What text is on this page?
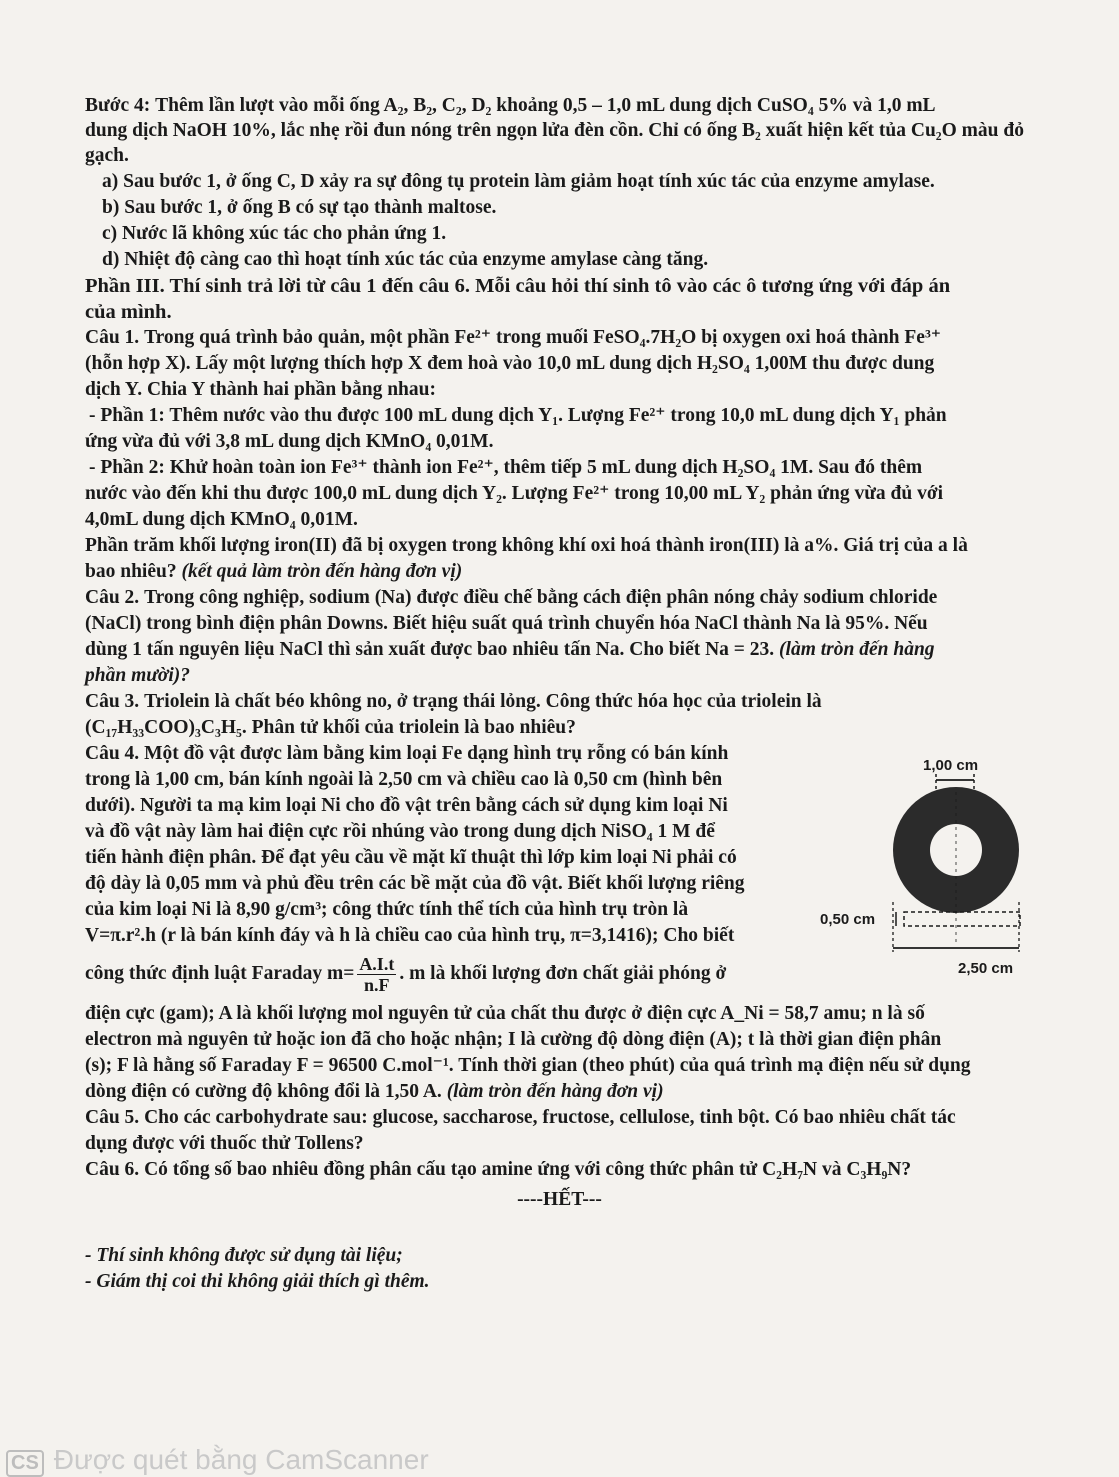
Bước 4: Thêm lần lượt vào mỗi ống A₂, B₂, C₂, D₂ khoảng 0,5 – 1,0 mL dung dịch CuSO₄ 5% và 1,0 mL
dung dịch NaOH 10%, lắc nhẹ rồi đun nóng trên ngọn lửa đèn cồn. Chỉ có ống B₂ xuất hiện kết tủa Cu₂O màu đỏ
gạch.
a) Sau bước 1, ở ống C, D xảy ra sự đông tụ protein làm giảm hoạt tính xúc tác của enzyme amylase.
b) Sau bước 1, ở ống B có sự tạo thành maltose.
c) Nước lã không xúc tác cho phản ứng 1.
d) Nhiệt độ càng cao thì hoạt tính xúc tác của enzyme amylase càng tăng.
Phần III. Thí sinh trả lời từ câu 1 đến câu 6. Mỗi câu hỏi thí sinh tô vào các ô tương ứng với đáp án
của mình.
Câu 1. Trong quá trình bảo quản, một phần Fe²⁺ trong muối FeSO₄.7H₂O bị oxygen oxi hoá thành Fe³⁺
(hỗn hợp X). Lấy một lượng thích hợp X đem hoà vào 10,0 mL dung dịch H₂SO₄ 1,00M thu được dung
dịch Y. Chia Y thành hai phần bằng nhau:
- Phần 1: Thêm nước vào thu được 100 mL dung dịch Y₁. Lượng Fe²⁺ trong 10,0 mL dung dịch Y₁ phản
ứng vừa đủ với 3,8 mL dung dịch KMnO₄ 0,01M.
- Phần 2: Khử hoàn toàn ion Fe³⁺ thành ion Fe²⁺, thêm tiếp 5 mL dung dịch H₂SO₄ 1M. Sau đó thêm
nước vào đến khi thu được 100,0 mL dung dịch Y₂. Lượng Fe²⁺ trong 10,00 mL Y₂ phản ứng vừa đủ với
4,0mL dung dịch KMnO₄ 0,01M.
Phần trăm khối lượng iron(II) đã bị oxygen trong không khí oxi hoá thành iron(III) là a%. Giá trị của a là
bao nhiêu? (kết quả làm tròn đến hàng đơn vị)
Câu 2. Trong công nghiệp, sodium (Na) được điều chế bằng cách điện phân nóng chảy sodium chloride
(NaCl) trong bình điện phân Downs. Biết hiệu suất quá trình chuyển hóa NaCl thành Na là 95%. Nếu
dùng 1 tấn nguyên liệu NaCl thì sản xuất được bao nhiêu tấn Na. Cho biết Na = 23. (làm tròn đến hàng
phần mười)?
Câu 3. Triolein là chất béo không no, ở trạng thái lỏng. Công thức hóa học của triolein là
(C₁₇H₃₃COO)₃C₃H₅. Phân tử khối của triolein là bao nhiêu?
Câu 4. Một đồ vật được làm bằng kim loại Fe dạng hình trụ rỗng có bán kính
trong là 1,00 cm, bán kính ngoài là 2,50 cm và chiều cao là 0,50 cm (hình bên
dưới). Người ta mạ kim loại Ni cho đồ vật trên bằng cách sử dụng kim loại Ni
và đồ vật này làm hai điện cực rồi nhúng vào trong dung dịch NiSO₄ 1 M để
tiến hành điện phân. Để đạt yêu cầu về mặt kĩ thuật thì lớp kim loại Ni phải có
độ dày là 0,05 mm và phủ đều trên các bề mặt của đồ vật. Biết khối lượng riêng
của kim loại Ni là 8,90 g/cm³; công thức tính thể tích của hình trụ tròn là
V=π.r².h (r là bán kính đáy và h là chiều cao của hình trụ, π=3,1416); Cho biết
công thức định luật Faraday $m= \frac{A.I.t}{n.F}$ . m là khối lượng đơn chất giải phóng ở
điện cực (gam); A là khối lượng mol nguyên tử của chất thu được ở điện cực A_Ni = 58,7 amu; n là số
electron mà nguyên tử hoặc ion đã cho hoặc nhận; I là cường độ dòng điện (A); t là thời gian điện phân
(s); F là hằng số Faraday F = 96500 C.mol⁻¹. Tính thời gian (theo phút) của quá trình mạ điện nếu sử dụng
dòng điện có cường độ không đổi là 1,50 A. (làm tròn đến hàng đơn vị)
1,00 cm
0,50 cm
2,50 cm
Câu 5. Cho các carbohydrate sau: glucose, saccharose, fructose, cellulose, tinh bột. Có bao nhiêu chất tác
dụng được với thuốc thử Tollens?
Câu 6. Có tổng số bao nhiêu đồng phân cấu tạo amine ứng với công thức phân tử C₂H₇N và C₃H₉N?
----HẾT---
- Thí sinh không được sử dụng tài liệu;
- Giám thị coi thi không giải thích gì thêm.
CS Được quét bằng CamScanner
